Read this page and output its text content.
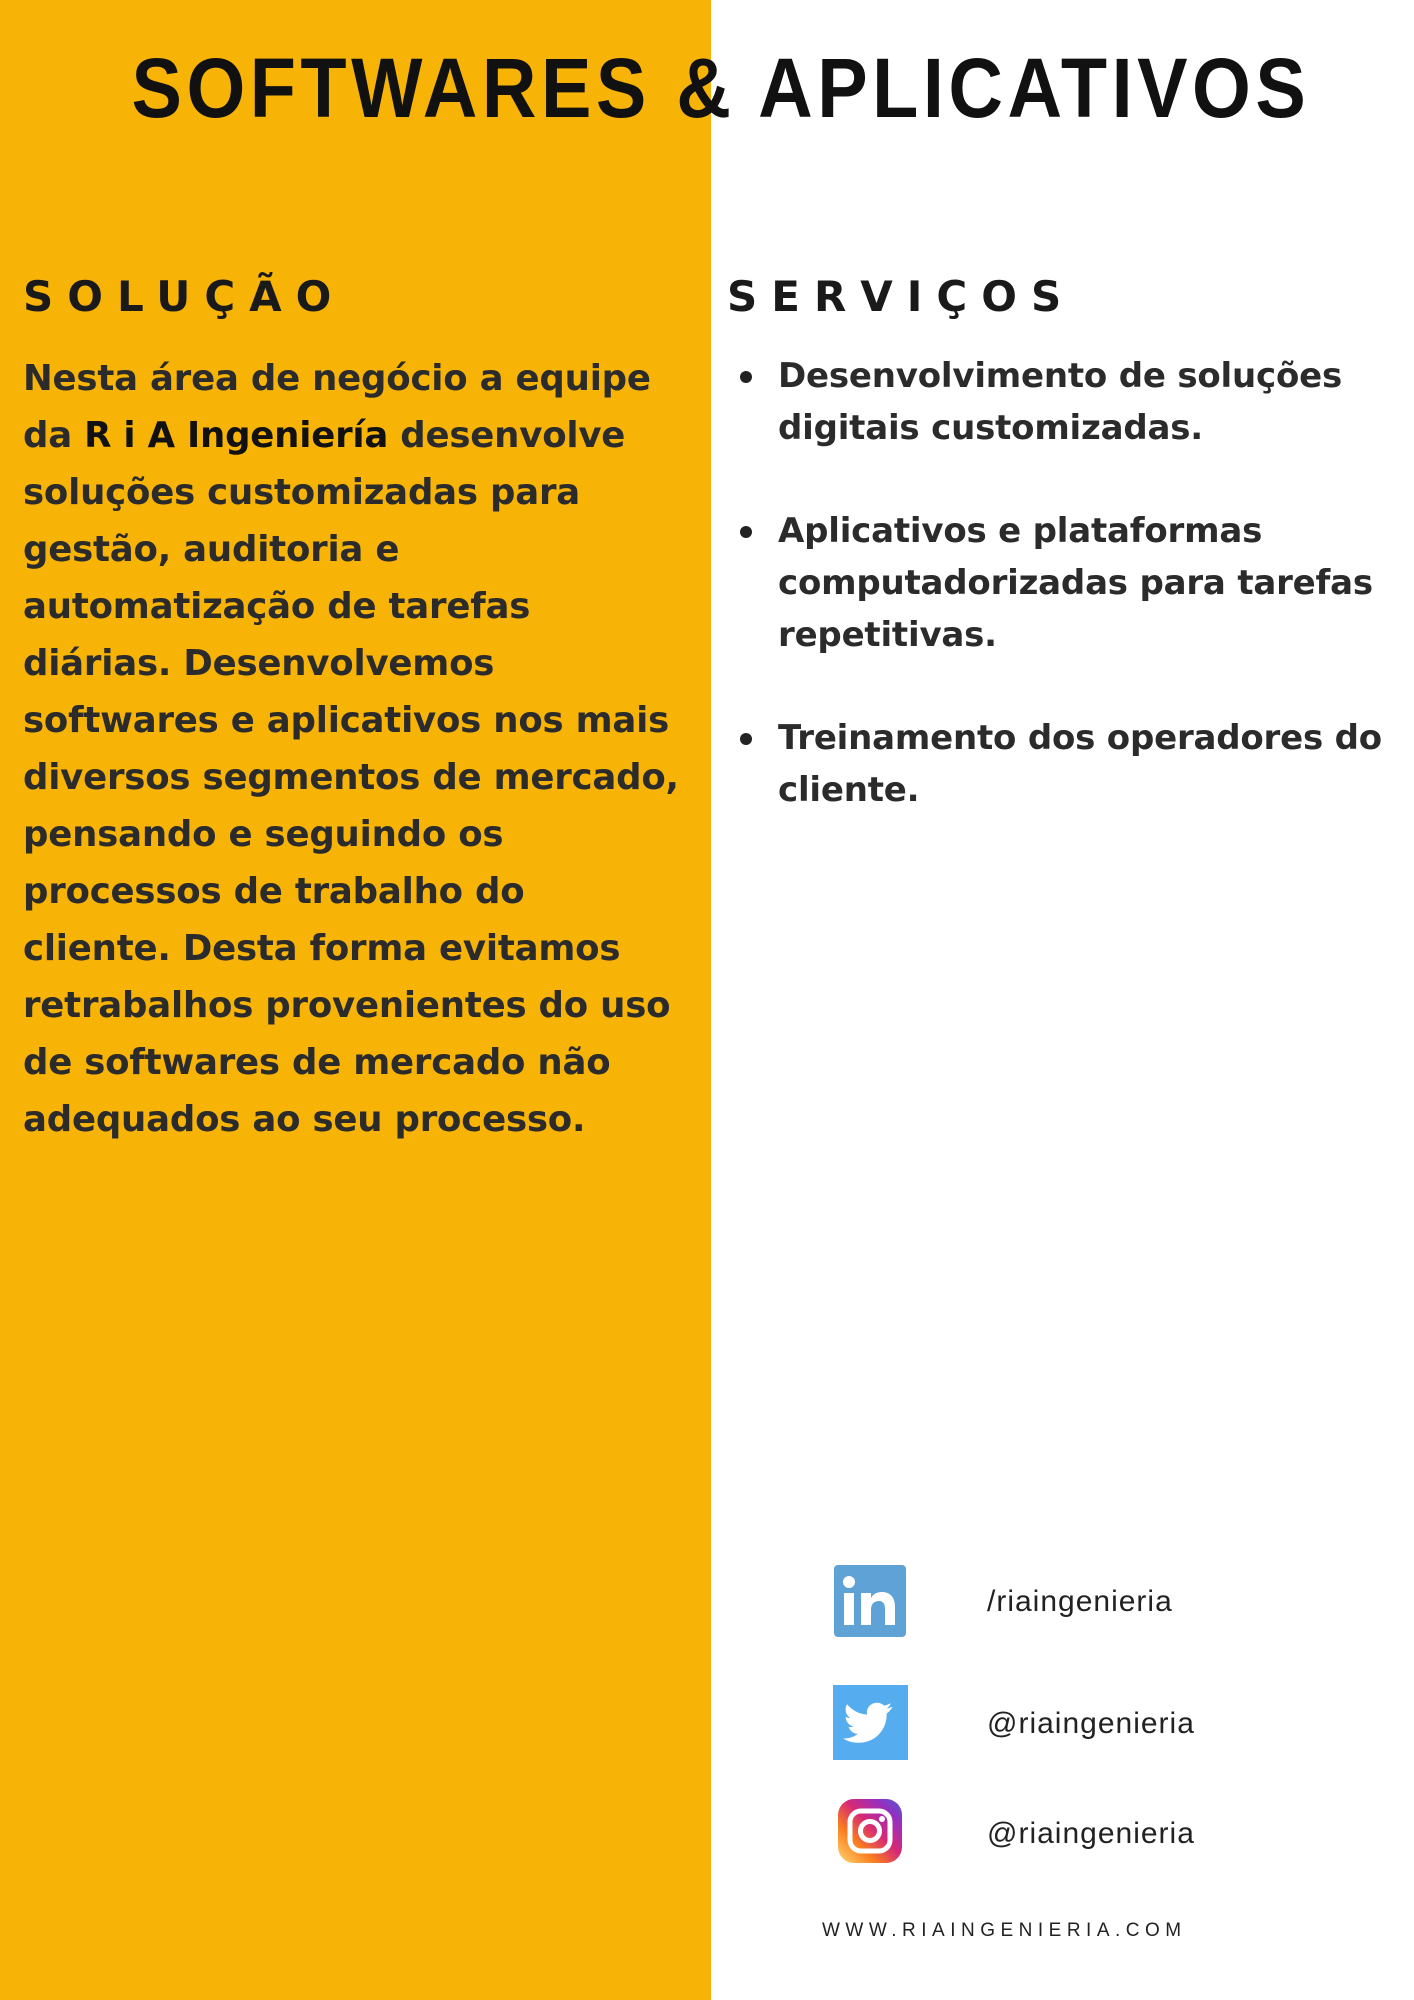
SOFTWARES & APLICATIVOS
SOLUÇÃO

Nesta área de negócio a equipe da R i A Ingeniería desenvolve soluções customizadas para gestão, auditoria e automatização de tarefas diárias. Desenvolvemos softwares e aplicativos nos mais diversos segmentos de mercado, pensando e seguindo os processos de trabalho do cliente. Desta forma evitamos retrabalhos provenientes do uso de softwares de mercado não adequados ao seu processo.

SERVIÇOS
Desenvolvimento de soluções digitais customizadas.
Aplicativos e plataformas computadorizadas para tarefas repetitivas.
Treinamento dos operadores do cliente.
/riaingenieria
@riaingenieria
@riaingenieria
WWW.RIAINGENIERIA.COM
